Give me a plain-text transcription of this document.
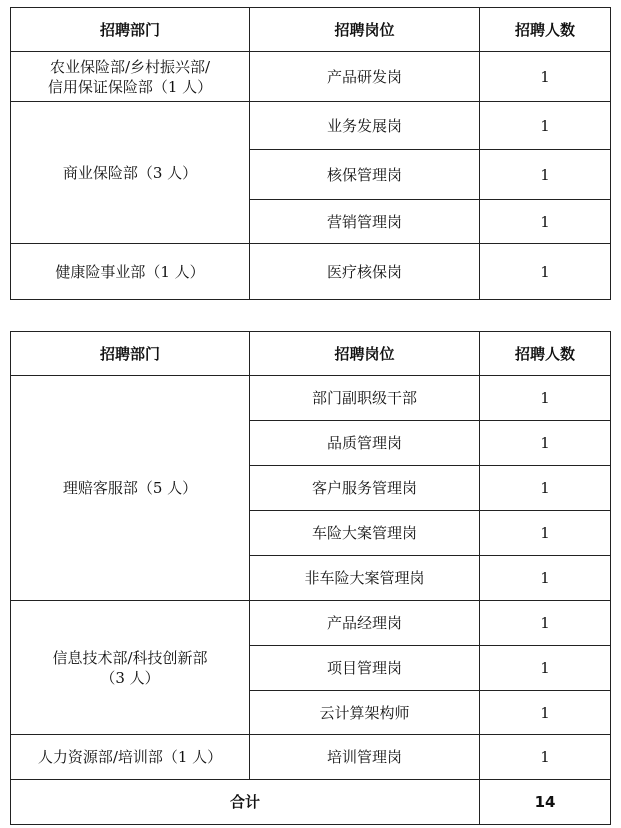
招聘部门	招聘岗位	招聘人数
农业保险部/乡村振兴部/
信用保证保险部（1 人）	产品研发岗	1
商业保险部（3 人）	业务发展岗	1
	核保管理岗	1
	营销管理岗	1
健康险事业部（1 人）	医疗核保岗	1
招聘部门	招聘岗位	招聘人数
理赔客服部（5 人）	部门副职级干部	1
	品质管理岗	1
	客户服务管理岗	1
	车险大案管理岗	1
	非车险大案管理岗	1
信息技术部/科技创新部
（3 人）	产品经理岗	1
	项目管理岗	1
	云计算架构师	1
人力资源部/培训部（1 人）	培训管理岗	1
合计		14
